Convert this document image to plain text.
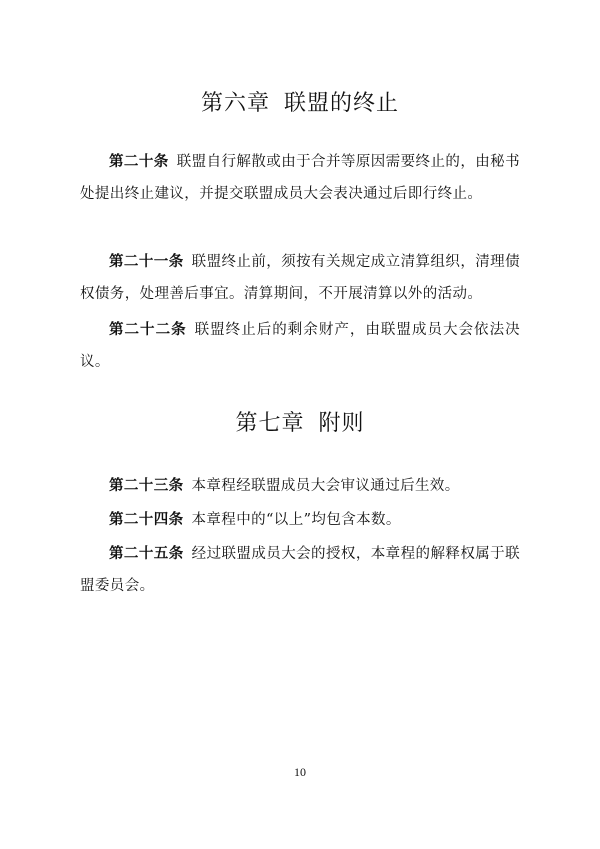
第六章 联盟的终止

第二十条 联盟自行解散或由于合并等原因需要终止的，由秘书处提出终止建议，并提交联盟成员大会表决通过后即行终止。

第二十一条 联盟终止前，须按有关规定成立清算组织，清理债权债务，处理善后事宜。清算期间，不开展清算以外的活动。

第二十二条 联盟终止后的剩余财产，由联盟成员大会依法决议。

第七章 附则

第二十三条 本章程经联盟成员大会审议通过后生效。

第二十四条 本章程中的“以上”均包含本数。

第二十五条 经过联盟成员大会的授权，本章程的解释权属于联盟委员会。

10
